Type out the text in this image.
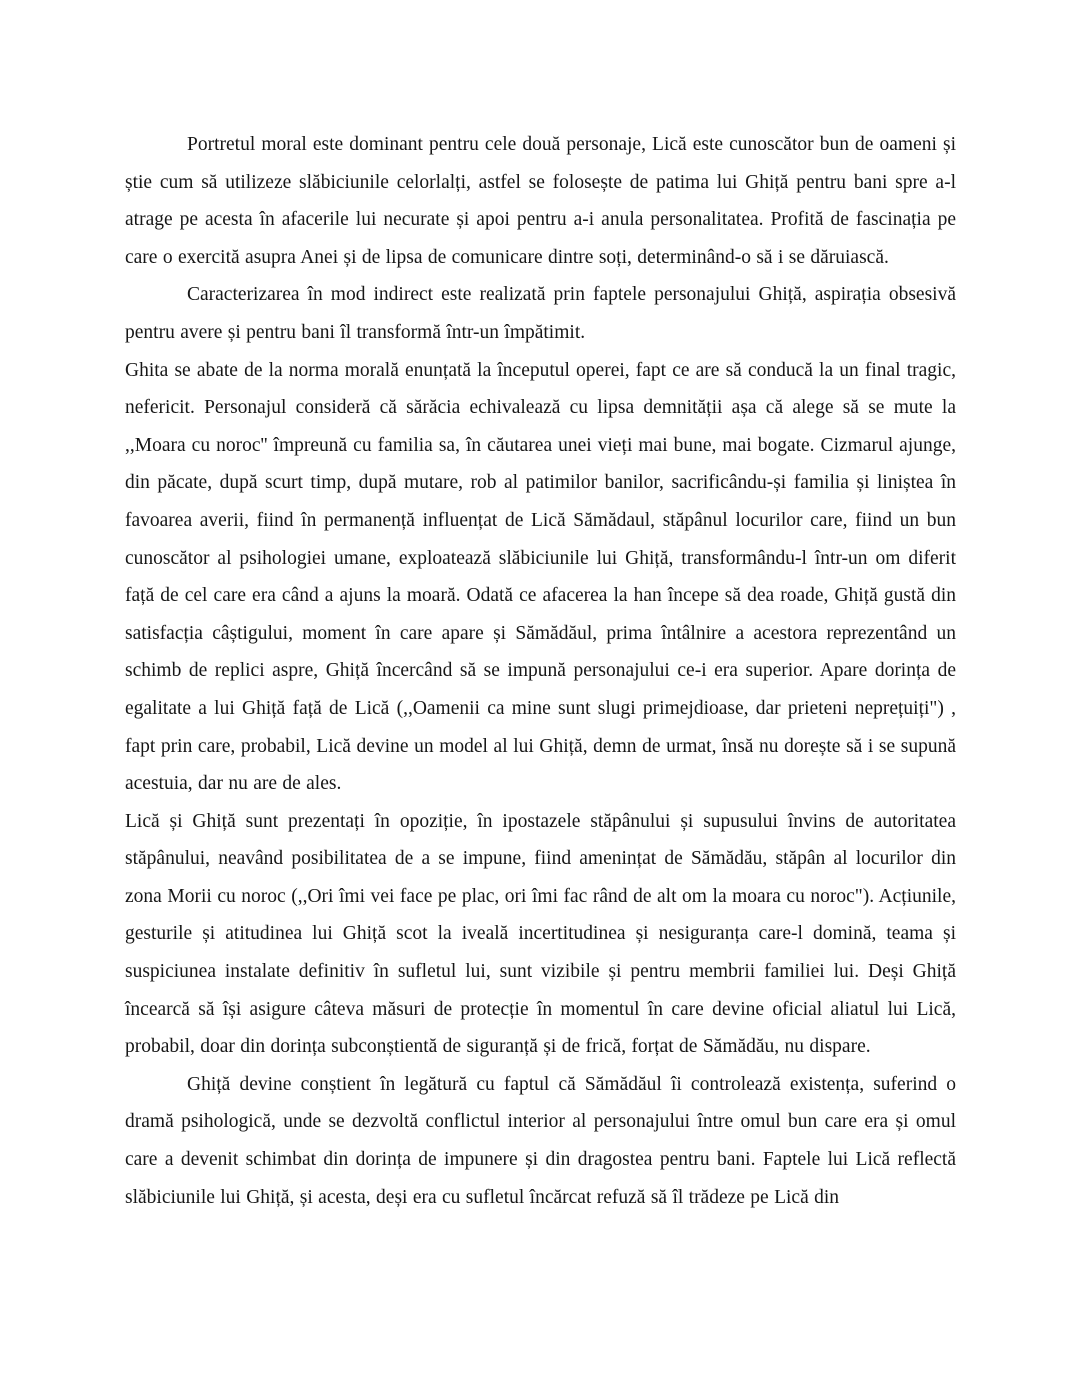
Portretul moral este dominant pentru cele două personaje, Lică este cunoscător bun de oameni și știe cum să utilizeze slăbiciunile celorlalți, astfel se folosește de patima lui Ghiță pentru bani spre a-l atrage pe acesta în afacerile lui necurate și apoi pentru a-i anula personalitatea. Profită de fascinația pe care o exercită asupra Anei și de lipsa de comunicare dintre soți, determinând-o să i se dăruiască.

Caracterizarea în mod indirect este realizată prin faptele personajului Ghiță, aspirația obsesivă pentru avere și pentru bani îl transformă într-un împătimit.

Ghita se abate de la norma morală enunțată la începutul operei, fapt ce are să conducă la un final tragic, nefericit. Personajul consideră că sărăcia echivalează cu lipsa demnității așa că alege să se mute la ,,Moara cu noroc'' împreună cu familia sa, în căutarea unei vieți mai bune, mai bogate. Cizmarul ajunge, din păcate, după scurt timp, după mutare, rob al patimilor banilor, sacrificându-și familia și liniștea în favoarea averii, fiind în permanență influențat de Lică Sămădaul, stăpânul locurilor care, fiind un bun cunoscător al psihologiei umane, exploatează slăbiciunile lui Ghiță, transformându-l într-un om diferit față de cel care era când a ajuns la moară. Odată ce afacerea la han începe să dea roade, Ghiță gustă din satisfacția câștigului, moment în care apare și Sămădăul, prima întâlnire a acestora reprezentând un schimb de replici aspre, Ghiță încercând să se impună personajului ce-i era superior. Apare dorința de egalitate a lui Ghiță față de Lică (,,Oamenii ca mine sunt slugi primejdioase, dar prieteni neprețuiți") , fapt prin care, probabil, Lică devine un model al lui Ghiță, demn de urmat, însă nu dorește să i se supună acestuia, dar nu are de ales.

Lică și Ghiță sunt prezentați în opoziție, în ipostazele stăpânului și supusului învins de autoritatea stăpânului, neavând posibilitatea de a se impune, fiind amenințat de Sămădău, stăpân al locurilor din zona Morii cu noroc (,,Ori îmi vei face pe plac, ori îmi fac rând de alt om la moara cu noroc"). Acțiunile, gesturile și atitudinea lui Ghiță scot la iveală incertitudinea și nesiguranța care-l domină, teama și suspiciunea instalate definitiv în sufletul lui, sunt vizibile și pentru membrii familiei lui. Deși Ghiță încearcă să își asigure câteva măsuri de protecție în momentul în care devine oficial aliatul lui Lică, probabil, doar din dorința subconștientă de siguranță și de frică, forțat de Sămădău, nu dispare.

Ghiță devine conștient în legătură cu faptul că Sămădăul îi controlează existența, suferind o dramă psihologică, unde se dezvoltă conflictul interior al personajului între omul bun care era și omul care a devenit schimbat din dorința de impunere și din dragostea pentru bani. Faptele lui Lică reflectă slăbiciunile lui Ghiță, și acesta, deși era cu sufletul încărcat refuză să îl trădeze pe Lică din
